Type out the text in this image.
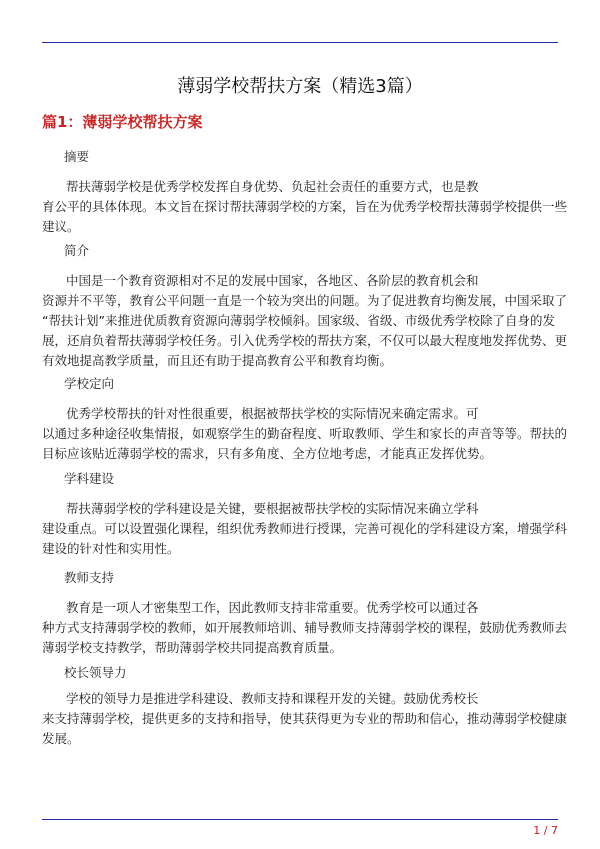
薄弱学校帮扶方案（精选3篇）
篇1：薄弱学校帮扶方案
摘要
帮扶薄弱学校是优秀学校发挥自身优势、负起社会责任的重要方式，也是教
育公平的具体体现。本文旨在探讨帮扶薄弱学校的方案，旨在为优秀学校帮扶薄弱学校提供一些
建议。
简介
中国是一个教育资源相对不足的发展中国家，各地区、各阶层的教育机会和
资源并不平等，教育公平问题一直是一个较为突出的问题。为了促进教育均衡发展，中国采取了
“帮扶计划”来推进优质教育资源向薄弱学校倾斜。国家级、省级、市级优秀学校除了自身的发
展，还肩负着帮扶薄弱学校任务。引入优秀学校的帮扶方案，不仅可以最大程度地发挥优势、更
有效地提高教学质量，而且还有助于提高教育公平和教育均衡。
学校定向
优秀学校帮扶的针对性很重要，根据被帮扶学校的实际情况来确定需求。可
以通过多种途径收集情报，如观察学生的勤奋程度、听取教师、学生和家长的声音等等。帮扶的
目标应该贴近薄弱学校的需求，只有多角度、全方位地考虑，才能真正发挥优势。
学科建设
帮扶薄弱学校的学科建设是关键，要根据被帮扶学校的实际情况来确立学科
建设重点。可以设置强化课程，组织优秀教师进行授课，完善可视化的学科建设方案，增强学科
建设的针对性和实用性。
教师支持
教育是一项人才密集型工作，因此教师支持非常重要。优秀学校可以通过各
种方式支持薄弱学校的教师，如开展教师培训、辅导教师支持薄弱学校的课程，鼓励优秀教师去
薄弱学校支持教学，帮助薄弱学校共同提高教育质量。
校长领导力
学校的领导力是推进学科建设、教师支持和课程开发的关键。鼓励优秀校长
来支持薄弱学校，提供更多的支持和指导，使其获得更为专业的帮助和信心，推动薄弱学校健康
发展。
1 / 7
